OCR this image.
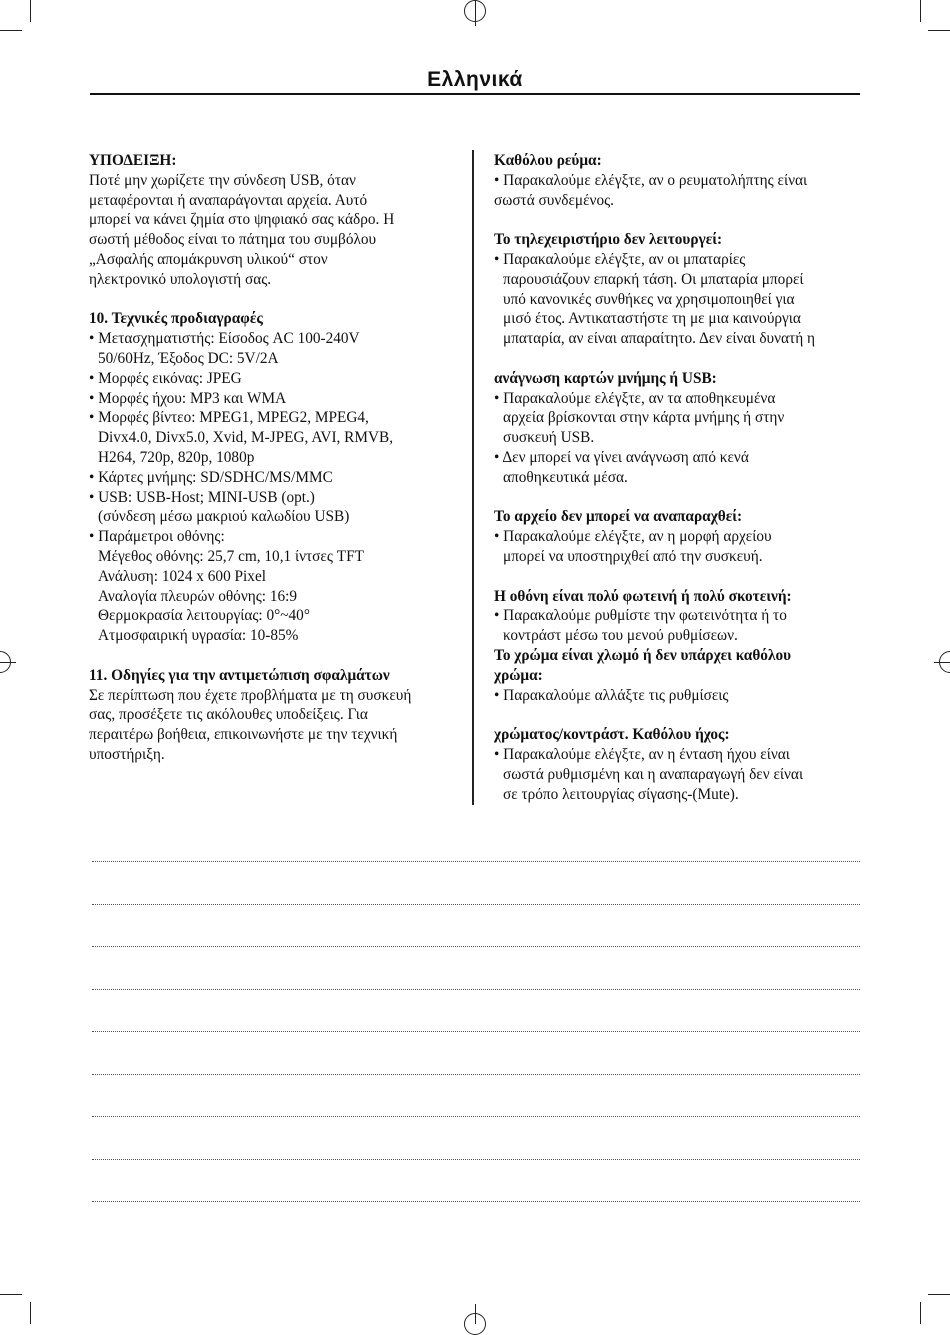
Ελληνικά

ΥΠΟΔΕΙΞΗ:

Ποτέ μην χωρίζετε την σύνδεση USB, όταν

μεταφέρονται ή αναπαράγονται αρχεία. Αυτό

μπορεί να κάνει ζημία στο ψηφιακό σας κάδρο. Η

σωστή μέθοδος είναι το πάτημα του συμβόλου

„Ασφαλής απομάκρυνση υλικού“ στον

ηλεκτρονικό υπολογιστή σας.

10. Τεχνικές προδιαγραφές

• Μετασχηματιστής: Είσοδος AC 100-240V

50/60Hz, Έξοδος DC: 5V/2A

• Μορφές εικόνας: JPEG

• Μορφές ήχου: MP3 και WMA

• Μορφές βίντεο: MPEG1, MPEG2, MPEG4,

Divx4.0, Divx5.0, Xvid, M-JPEG, AVI, RMVB,

H264, 720p, 820p, 1080p

• Κάρτες μνήμης: SD/SDHC/MS/MMC

• USB: USB-Host; MINI-USB (opt.)

(σύνδεση μέσω μακριού καλωδίου USB)

• Παράμετροι οθόνης:

Μέγεθος οθόνης: 25,7 cm, 10,1 ίντσες TFT

Ανάλυση: 1024 x 600 Pixel

Αναλογία πλευρών οθόνης: 16:9

Θερμοκρασία λειτουργίας: 0°~40°

Ατμοσφαιρική υγρασία: 10-85%

11. Οδηγίες για την αντιμετώπιση σφαλμάτων

Σε περίπτωση που έχετε προβλήματα με τη συσκευή

σας, προσέξετε τις ακόλουθες υποδείξεις. Για

περαιτέρω βοήθεια, επικοινωνήστε με την τεχνική

υποστήριξη.

Καθόλου ρεύμα:

• Παρακαλούμε ελέγξτε, αν ο ρευματολήπτης είναι

σωστά συνδεμένος.

Το τηλεχειριστήριο δεν λειτουργεί:

• Παρακαλούμε ελέγξτε, αν οι μπαταρίες

παρουσιάζουν επαρκή τάση. Οι μπαταρία μπορεί

υπό κανονικές συνθήκες να χρησιμοποιηθεί για

μισό έτος. Αντικαταστήστε τη με μια καινούργια

μπαταρία, αν είναι απαραίτητο. Δεν είναι δυνατή η

ανάγνωση καρτών μνήμης ή USB:

• Παρακαλούμε ελέγξτε, αν τα αποθηκευμένα

αρχεία βρίσκονται στην κάρτα μνήμης ή στην

συσκευή USB.

• Δεν μπορεί να γίνει ανάγνωση από κενά

αποθηκευτικά μέσα.

Το αρχείο δεν μπορεί να αναπαραχθεί:

• Παρακαλούμε ελέγξτε, αν η μορφή αρχείου

μπορεί να υποστηριχθεί από την συσκευή.

Η οθόνη είναι πολύ φωτεινή ή πολύ σκοτεινή:

• Παρακαλούμε ρυθμίστε την φωτεινότητα ή το

κοντράστ μέσω του μενού ρυθμίσεων.

Το χρώμα είναι χλωμό ή δεν υπάρχει καθόλου

χρώμα:

• Παρακαλούμε αλλάξτε τις ρυθμίσεις

χρώματος/κοντράστ. Καθόλου ήχος:

• Παρακαλούμε ελέγξτε, αν η ένταση ήχου είναι

σωστά ρυθμισμένη και η αναπαραγωγή δεν είναι

σε τρόπο λειτουργίας σίγασης-(Mute).
